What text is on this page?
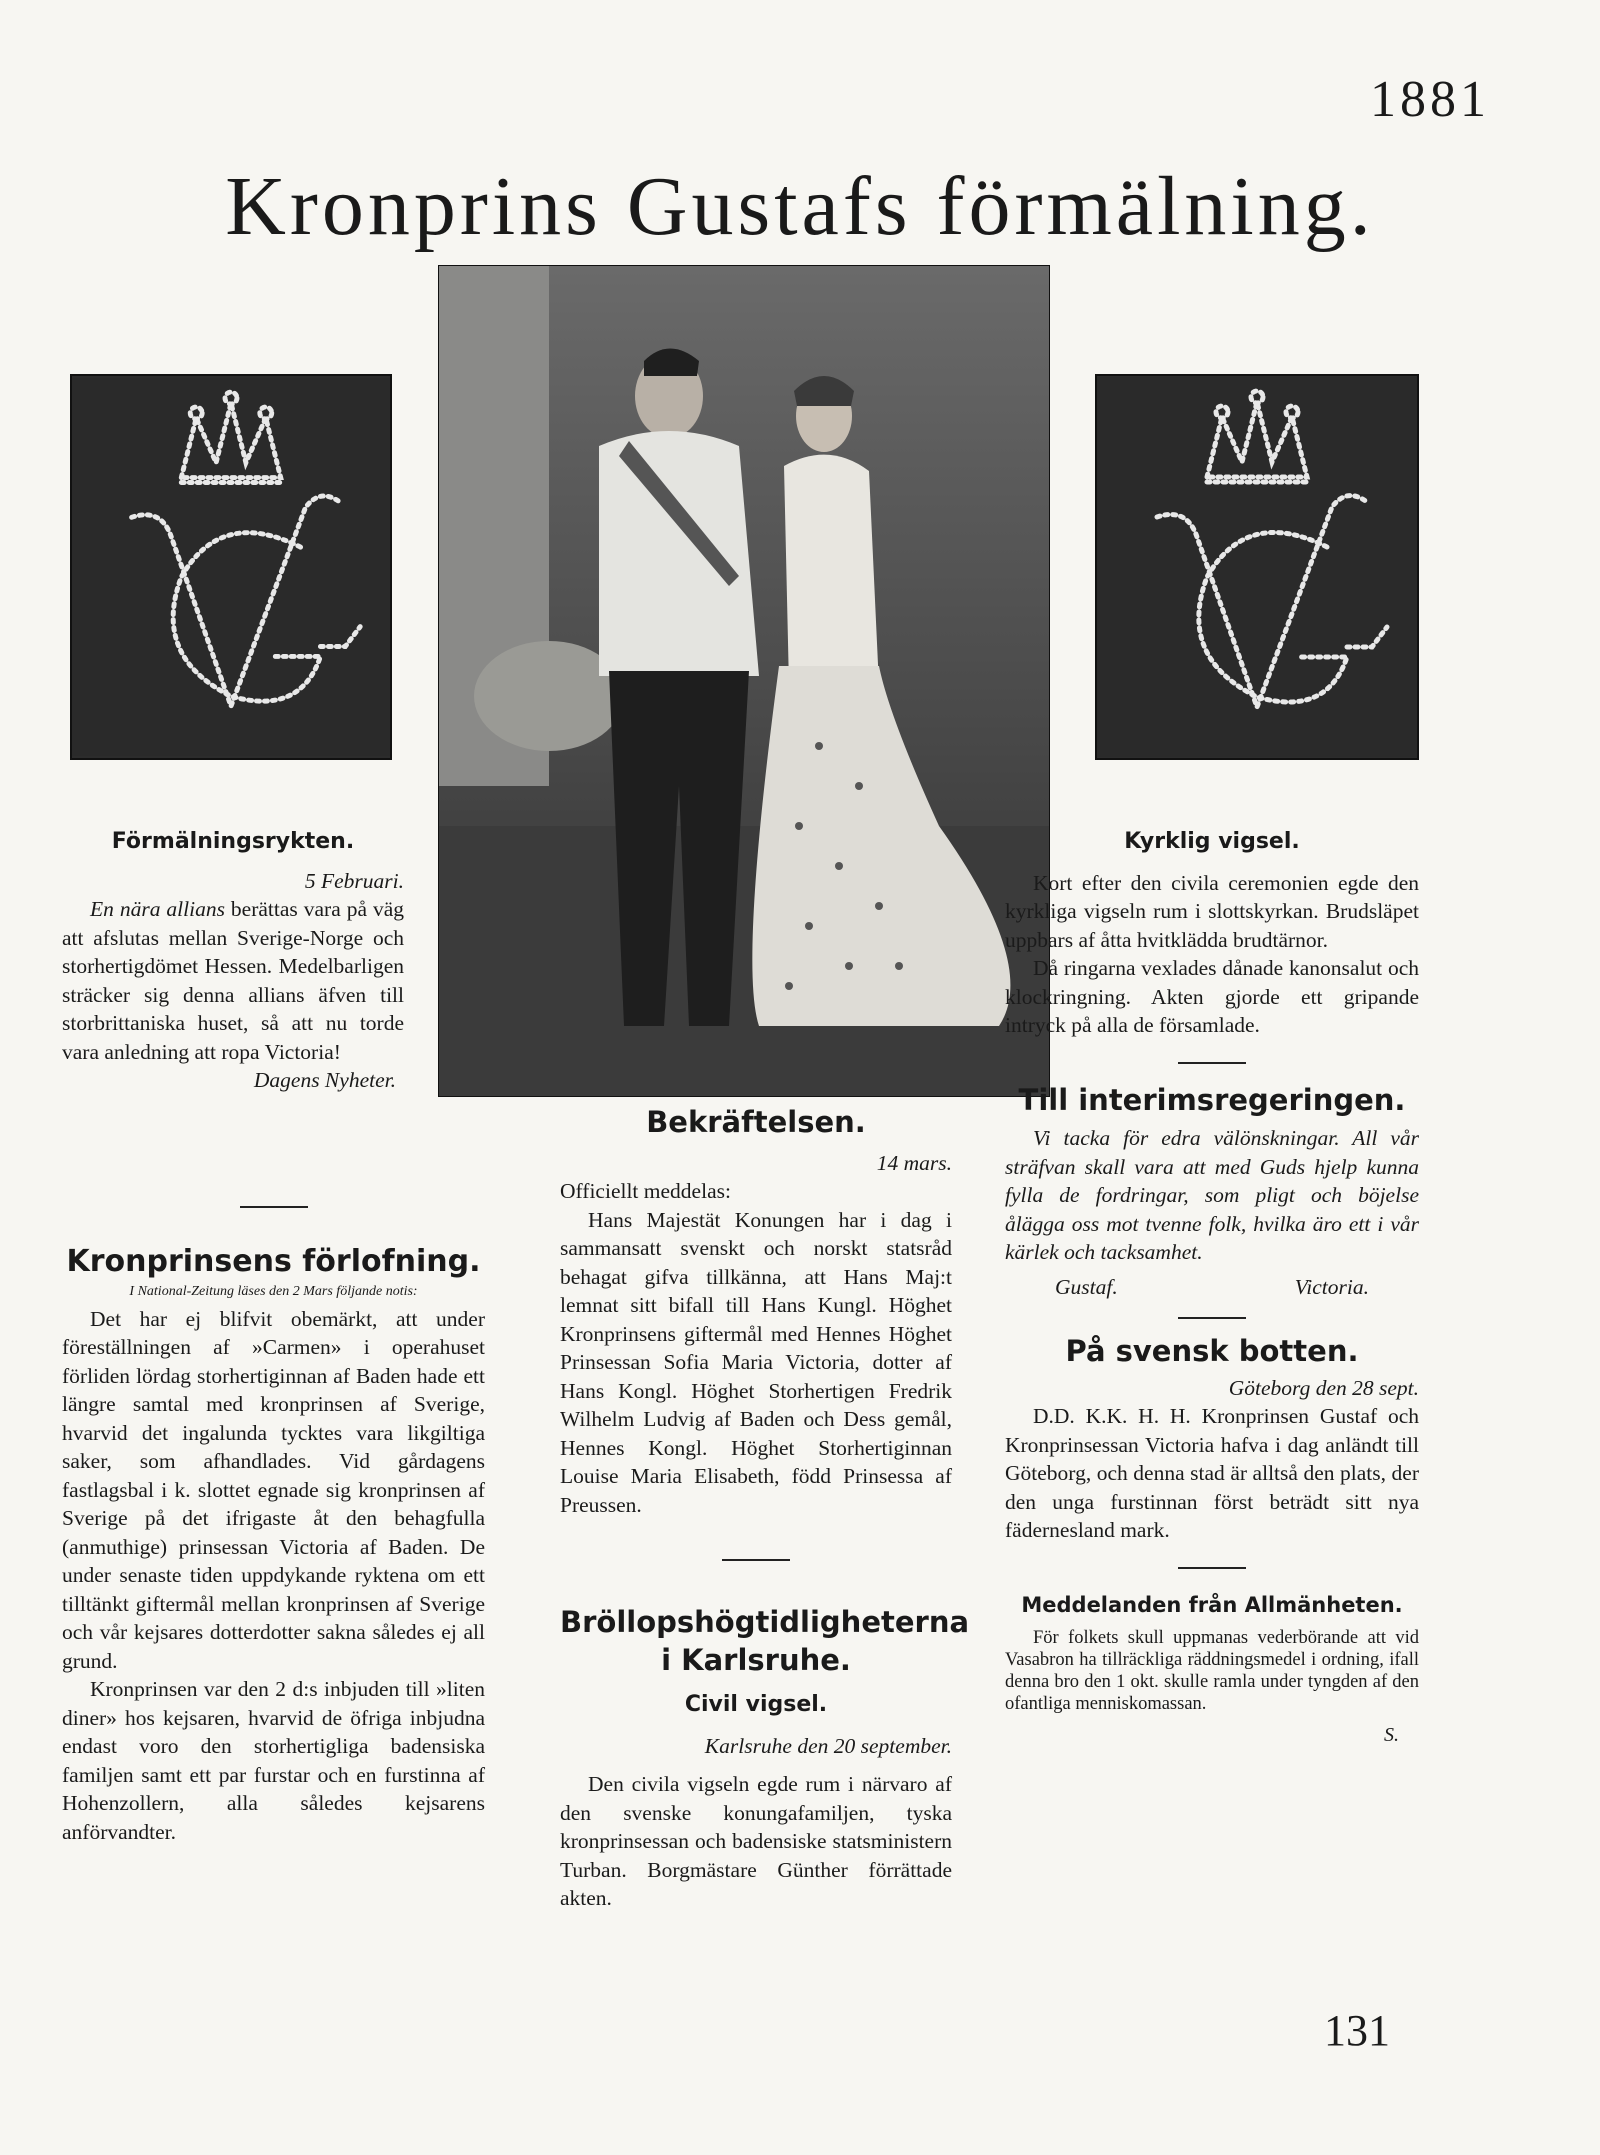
1881
Kronprins Gustafs förmälning.
Förmälningsrykten.
5 Februari.

En nära allians berättas vara på väg att afslutas mellan Sverige-Norge och storhertigdömet Hessen. Medelbarligen sträcker sig denna allians äfven till storbrittaniska huset, så att nu torde vara anledning att ropa Victoria!

Dagens Nyheter.
Kronprinsens förlofning.
I National-Zeitung läses den 2 Mars följande notis:

Det har ej blifvit obemärkt, att under föreställningen af »Carmen» i operahuset förliden lördag storhertiginnan af Baden hade ett längre samtal med kronprinsen af Sverige, hvarvid det ingalunda tycktes vara likgiltiga saker, som afhandlades. Vid gårdagens fastlagsbal i k. slottet egnade sig kronprinsen af Sverige på det ifrigaste åt den behagfulla (anmuthige) prinsessan Victoria af Baden. De under senaste tiden uppdykande ryktena om ett tilltänkt giftermål mellan kronprinsen af Sverige och vår kejsares dotterdotter sakna således ej all grund.

Kronprinsen var den 2 d:s inbjuden till »liten diner» hos kejsaren, hvarvid de öfriga inbjudna endast voro den storhertigliga badensiska familjen samt ett par furstar och en furstinna af Hohenzollern, alla således kejsarens anförvandter.

Bekräftelsen.
14 mars.

Officiellt meddelas:

Hans Majestät Konungen har i dag i sammansatt svenskt och norskt statsråd behagat gifva tillkänna, att Hans Maj:t lemnat sitt bifall till Hans Kungl. Höghet Kronprinsens giftermål med Hennes Höghet Prinsessan Sofia Maria Victoria, dotter af Hans Kongl. Höghet Storhertigen Fredrik Wilhelm Ludvig af Baden och Dess gemål, Hennes Kongl. Höghet Storhertiginnan Louise Maria Elisabeth, född Prinsessa af Preussen.

Bröllopshögtidligheterna
i Karlsruhe.
Civil vigsel.
Karlsruhe den 20 september.

Den civila vigseln egde rum i närvaro af den svenske konungafamiljen, tyska kronprinsessan och badensiske statsministern Turban. Borgmästare Günther förrättade akten.

Kyrklig vigsel.

Kort efter den civila ceremonien egde den kyrkliga vigseln rum i slottskyrkan. Brudsläpet uppbars af åtta hvitklädda brudtärnor.

Då ringarna vexlades dånade kanonsalut och klockringning. Akten gjorde ett gripande intryck på alla de församlade.

Till interimsregeringen.

Vi tacka för edra välönskningar. All vår sträfvan skall vara att med Guds hjelp kunna fylla de fordringar, som pligt och böjelse ålägga oss mot tvenne folk, hvilka äro ett i vår kärlek och tacksamhet.

Gustaf.	Victoria.
På svensk botten.
Göteborg den 28 sept.

D.D. K.K. H. H. Kronprinsen Gustaf och Kronprinsessan Victoria hafva i dag anländt till Göteborg, och denna stad är alltså den plats, der den unga furstinnan först beträdt sitt nya fädernesland mark.

Meddelanden från Allmänheten.

För folkets skull uppmanas vederbörande att vid Vasabron ha tillräckliga räddningsmedel i ordning, ifall denna bro den 1 okt. skulle ramla under tyngden af den ofantliga menniskomassan.

S.
131
